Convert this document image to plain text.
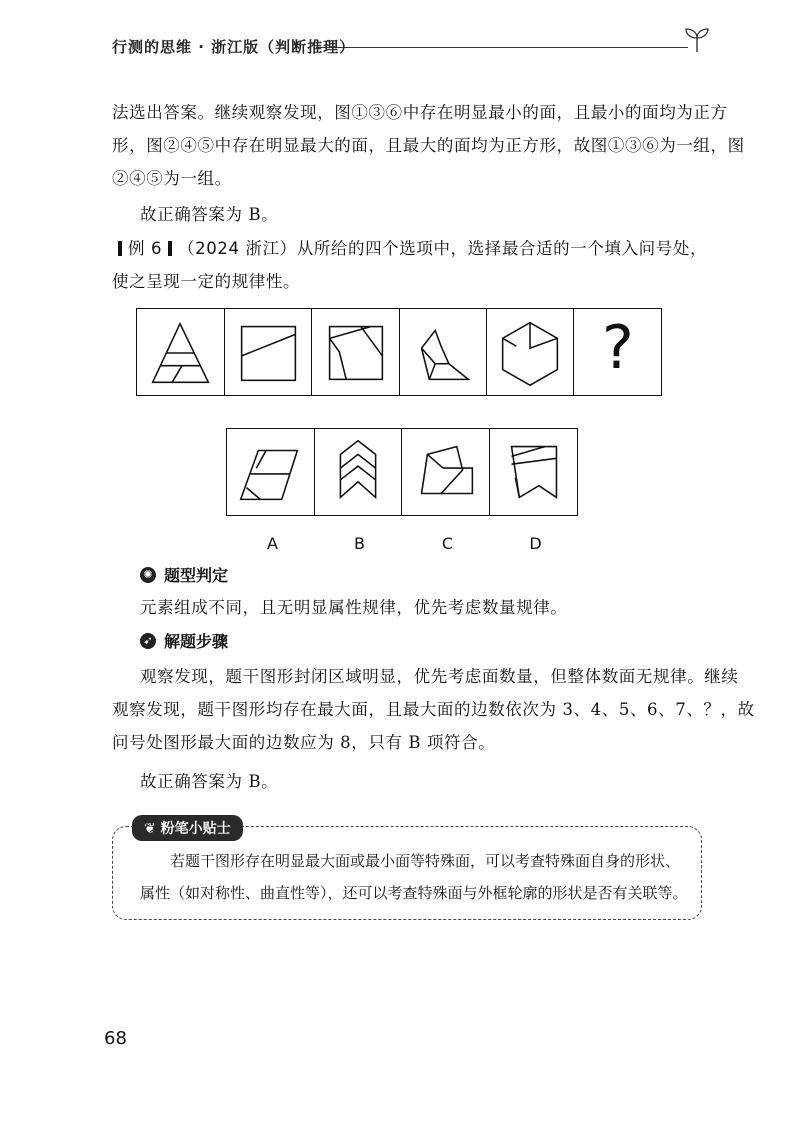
行测的思维 · 浙江版（判断推理）
法选出答案。继续观察发现，图①③⑥中存在明显最小的面，且最小的面均为正方
形，图②④⑤中存在明显最大的面，且最大的面均为正方形，故图①③⑥为一组，图
②④⑤为一组。
故正确答案为 B。
例 6 （2024 浙江）从所给的四个选项中，选择最合适的一个填入问号处，
使之呈现一定的规律性。
?
A	B	C	D
✺ 题型判定
元素组成不同，且无明显属性规律，优先考虑数量规律。
➹ 解题步骤
观察发现，题干图形封闭区域明显，优先考虑面数量，但整体数面无规律。继续
观察发现，题干图形均存在最大面，且最大面的边数依次为 3、4、5、6、7、？，故
问号处图形最大面的边数应为 8，只有 B 项符合。
故正确答案为 B。
❦ 粉笔小贴士
若题干图形存在明显最大面或最小面等特殊面，可以考查特殊面自身的形状、
属性（如对称性、曲直性等），还可以考查特殊面与外框轮廓的形状是否有关联等。
68
